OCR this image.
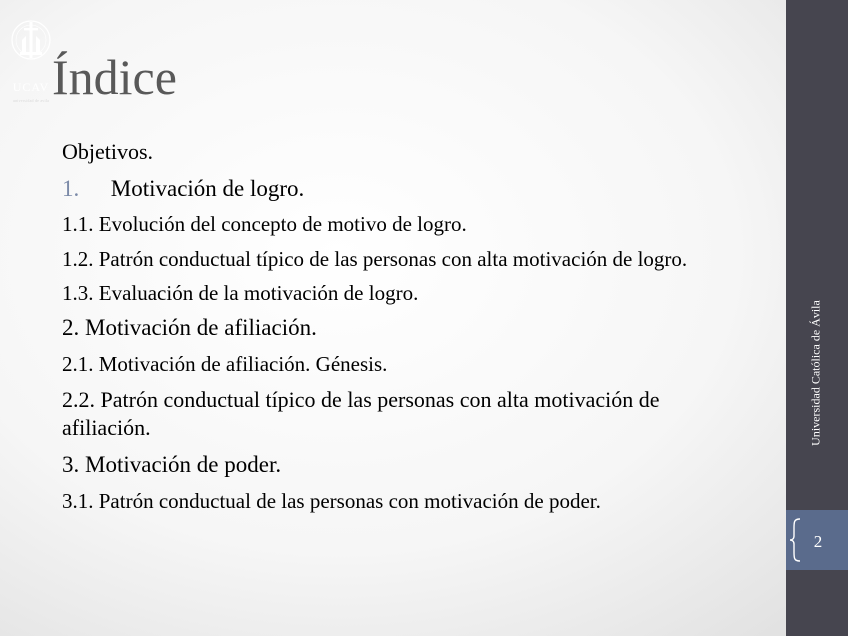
Índice

Objetivos.

1. Motivación de logro.

1.1. Evolución del concepto de motivo de logro.

1.2. Patrón conductual típico de las personas con alta motivación de logro.

1.3. Evaluación de la motivación de logro.

2. Motivación de afiliación.

2.1. Motivación de afiliación. Génesis.

2.2. Patrón conductual típico de las personas con alta motivación de afiliación.

3. Motivación de poder.

3.1. Patrón conductual de las personas con motivación de poder.

UCAV
universidad de avila
Universidad Católica de Ávila
2
